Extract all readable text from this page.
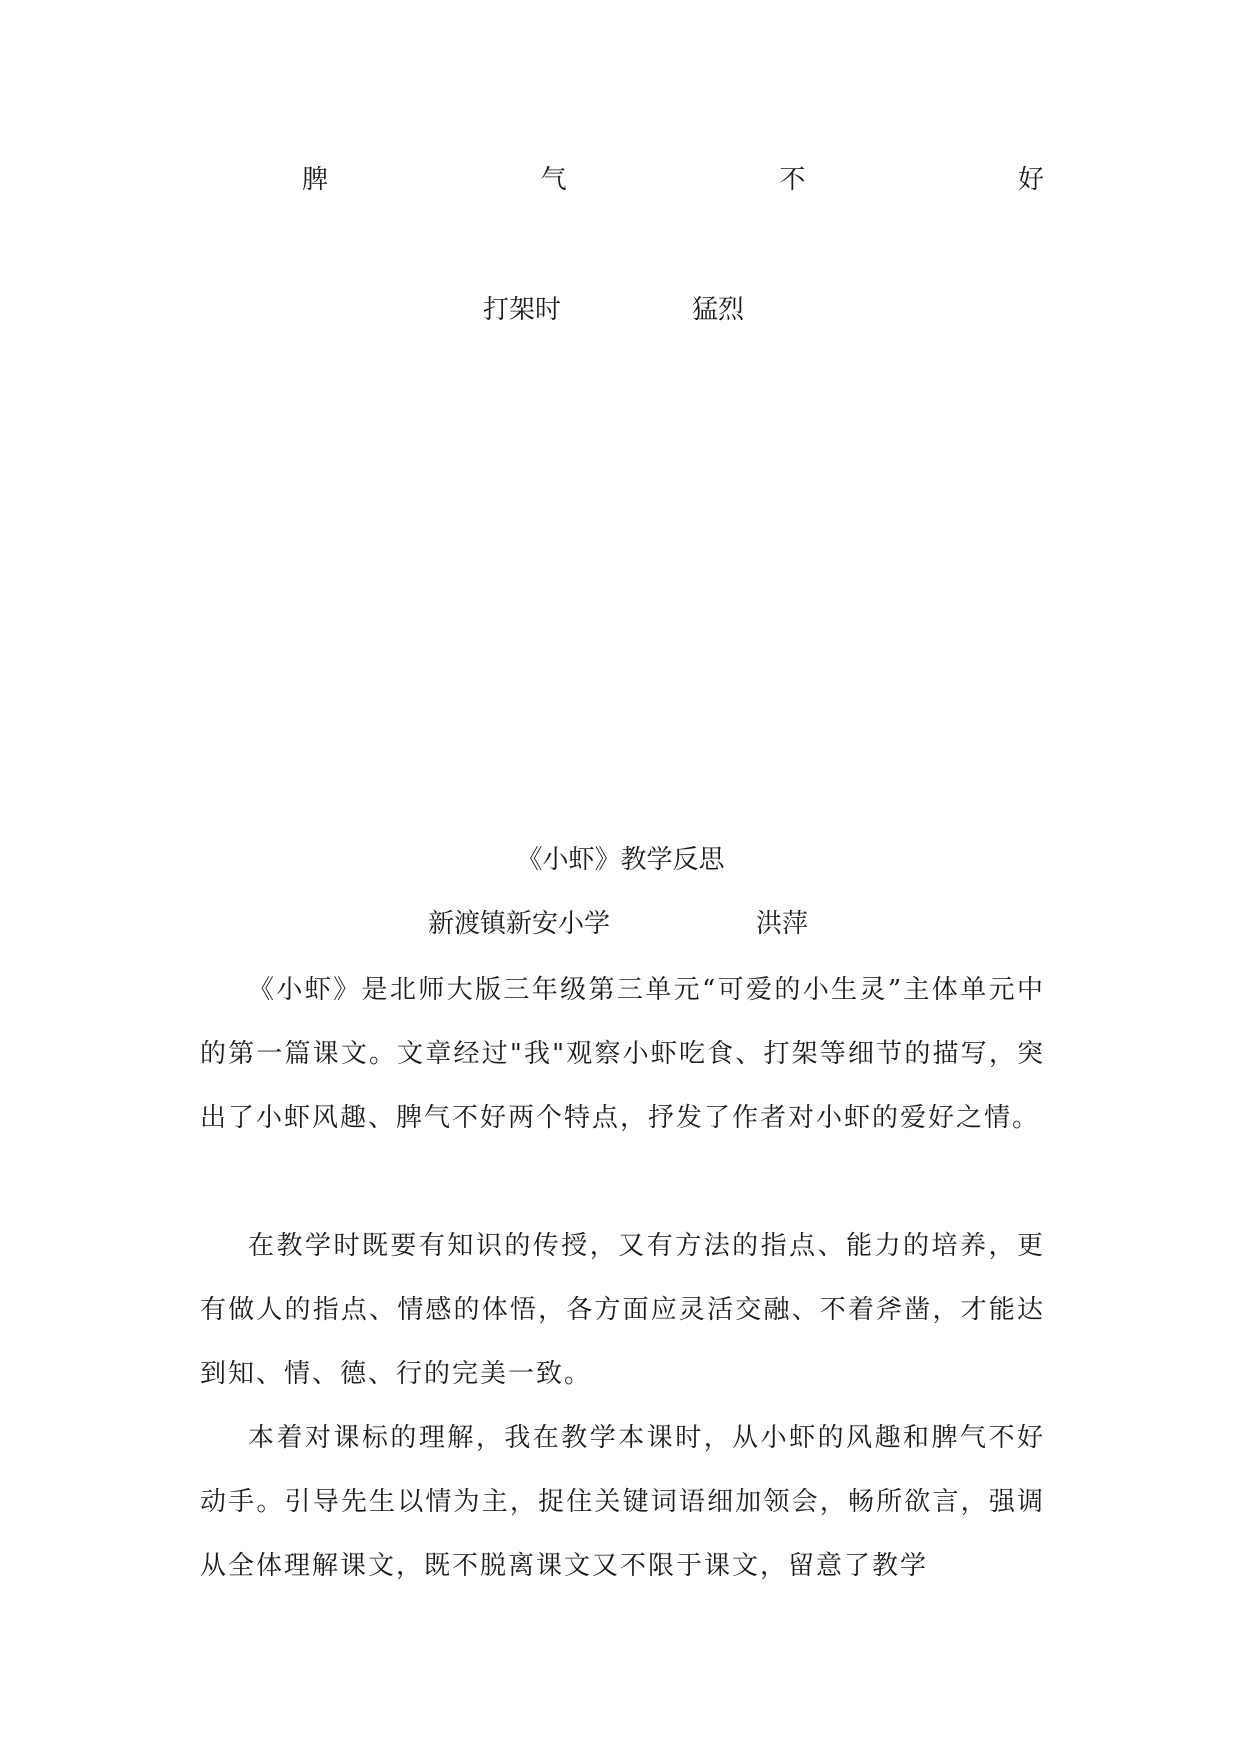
脾	气	不	好
打架时	猛烈
《小虾》教学反思
新渡镇新安小学	洪萍

《小虾》是北师大版三年级第三单元“可爱的小生灵”主体单元中的第一篇课文。文章经过"我"观察小虾吃食、打架等细节的描写，突出了小虾风趣、脾气不好两个特点，抒发了作者对小虾的爱好之情。

在教学时既要有知识的传授，又有方法的指点、能力的培养，更有做人的指点、情感的体悟，各方面应灵活交融、不着斧凿，才能达到知、情、德、行的完美一致。

本着对课标的理解，我在教学本课时，从小虾的风趣和脾气不好动手。引导先生以情为主，捉住关键词语细加领会，畅所欲言，强调从全体理解课文，既不脱离课文又不限于课文，留意了教学
